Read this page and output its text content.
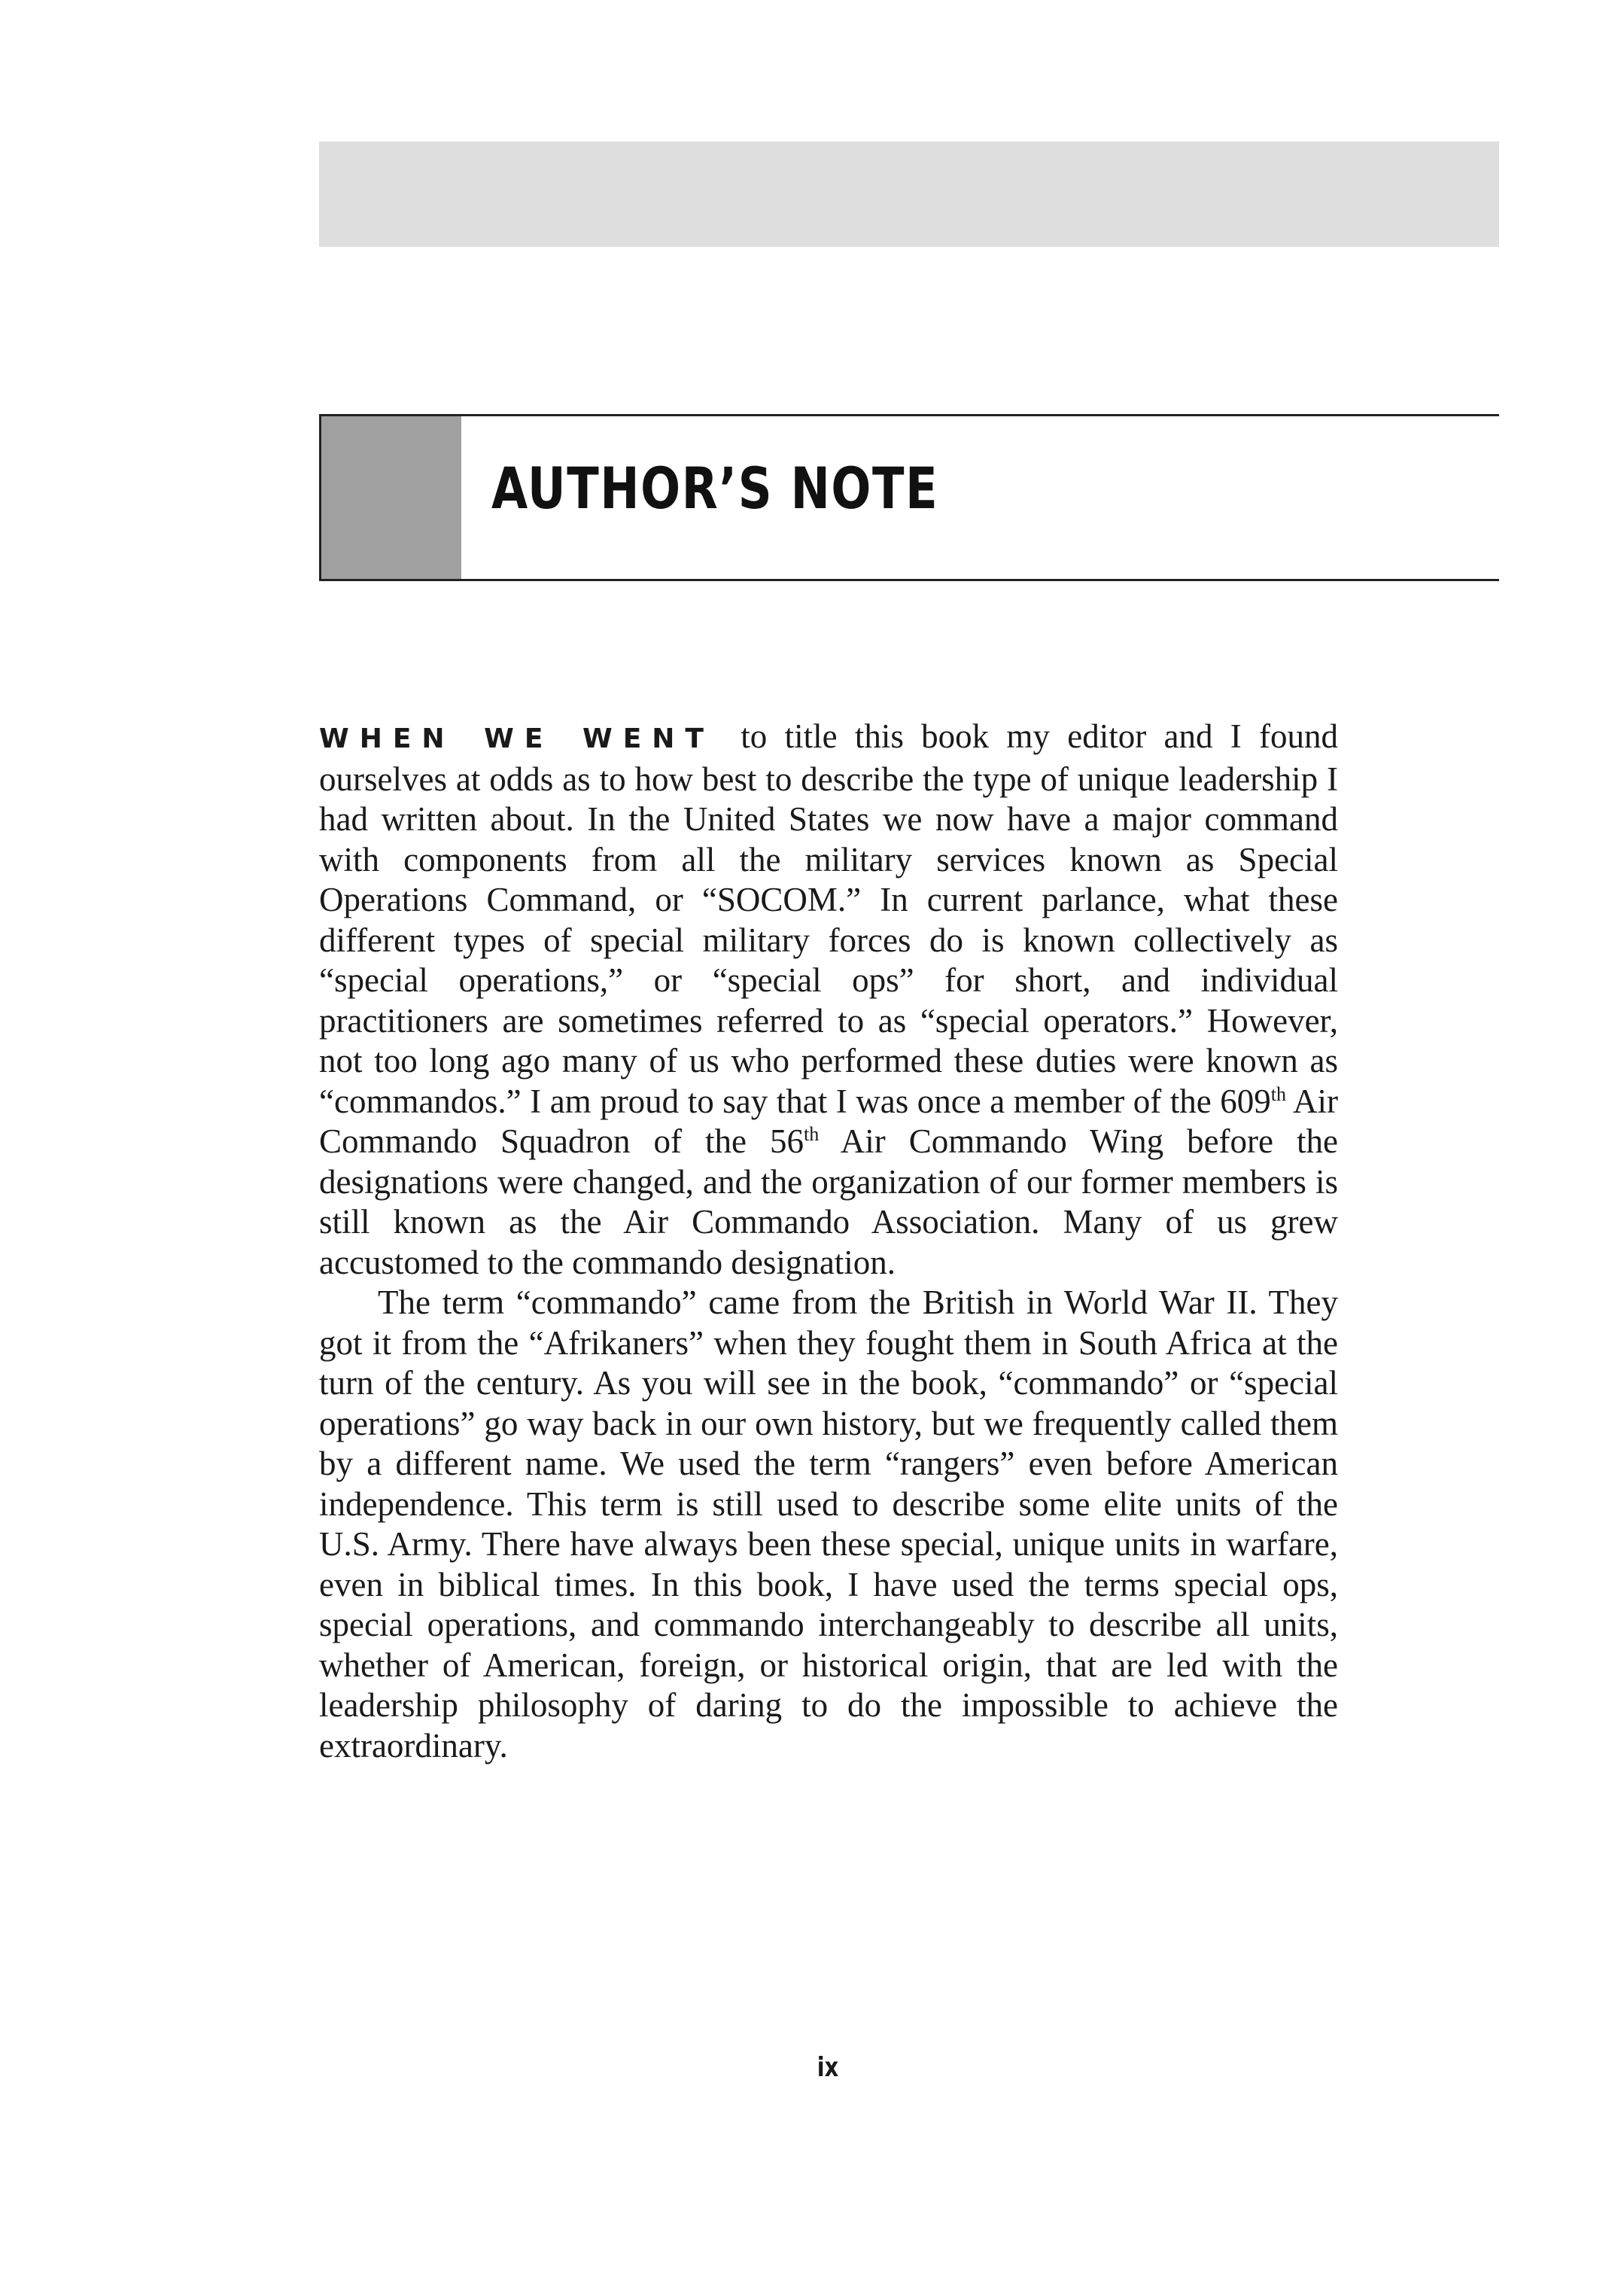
AUTHOR’S NOTE

WHEN WE WENT to title this book my editor and I found ourselves at odds as to how best to describe the type of unique leadership I had written about. In the United States we now have a major command with components from all the military services known as Special Operations Command, or “SOCOM.” In current parlance, what these different types of special military forces do is known collectively as “special operations,” or “special ops” for short, and individual practitioners are sometimes referred to as “special operators.” However, not too long ago many of us who performed these duties were known as “commandos.” I am proud to say that I was once a member of the 609th Air Commando Squadron of the 56th Air Commando Wing before the designations were changed, and the organization of our former members is still known as the Air Commando Association. Many of us grew accustomed to the commando designation.

The term “commando” came from the British in World War II. They got it from the “Afrikaners” when they fought them in South Africa at the turn of the century. As you will see in the book, “commando” or “special operations” go way back in our own history, but we frequently called them by a different name. We used the term “rangers” even before American independence. This term is still used to describe some elite units of the U.S. Army. There have always been these special, unique units in warfare, even in biblical times. In this book, I have used the terms special ops, special operations, and commando interchangeably to describe all units, whether of American, foreign, or historical origin, that are led with the leadership philosophy of daring to do the impossible to achieve the extraordinary.

ix
